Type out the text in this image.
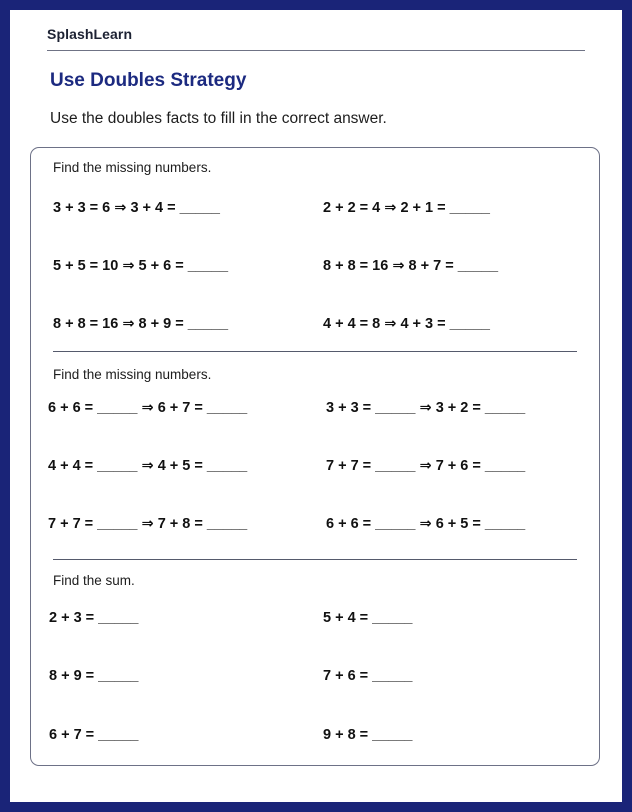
SplashLearn
Use Doubles Strategy
Use the doubles facts to fill in the correct answer.
Find the missing numbers.
3 + 3 = 6 ⇒ 3 + 4 = _____	2 + 2 = 4 ⇒ 2 + 1 = _____
5 + 5 = 10 ⇒ 5 + 6 = _____	8 + 8 = 16 ⇒ 8 + 7 = _____
8 + 8 = 16 ⇒ 8 + 9 = _____	4 + 4 = 8 ⇒ 4 + 3 = _____
Find the missing numbers.
6 + 6 = _____ ⇒ 6 + 7 = _____	3 + 3 = _____ ⇒ 3 + 2 = _____
4 + 4 = _____ ⇒ 4 + 5 = _____	7 + 7 = _____ ⇒ 7 + 6 = _____
7 + 7 = _____ ⇒ 7 + 8 = _____	6 + 6 = _____ ⇒ 6 + 5 = _____
Find the sum.
2 + 3 = _____	5 + 4 = _____
8 + 9 = _____	7 + 6 = _____
6 + 7 = _____	9 + 8 = _____
